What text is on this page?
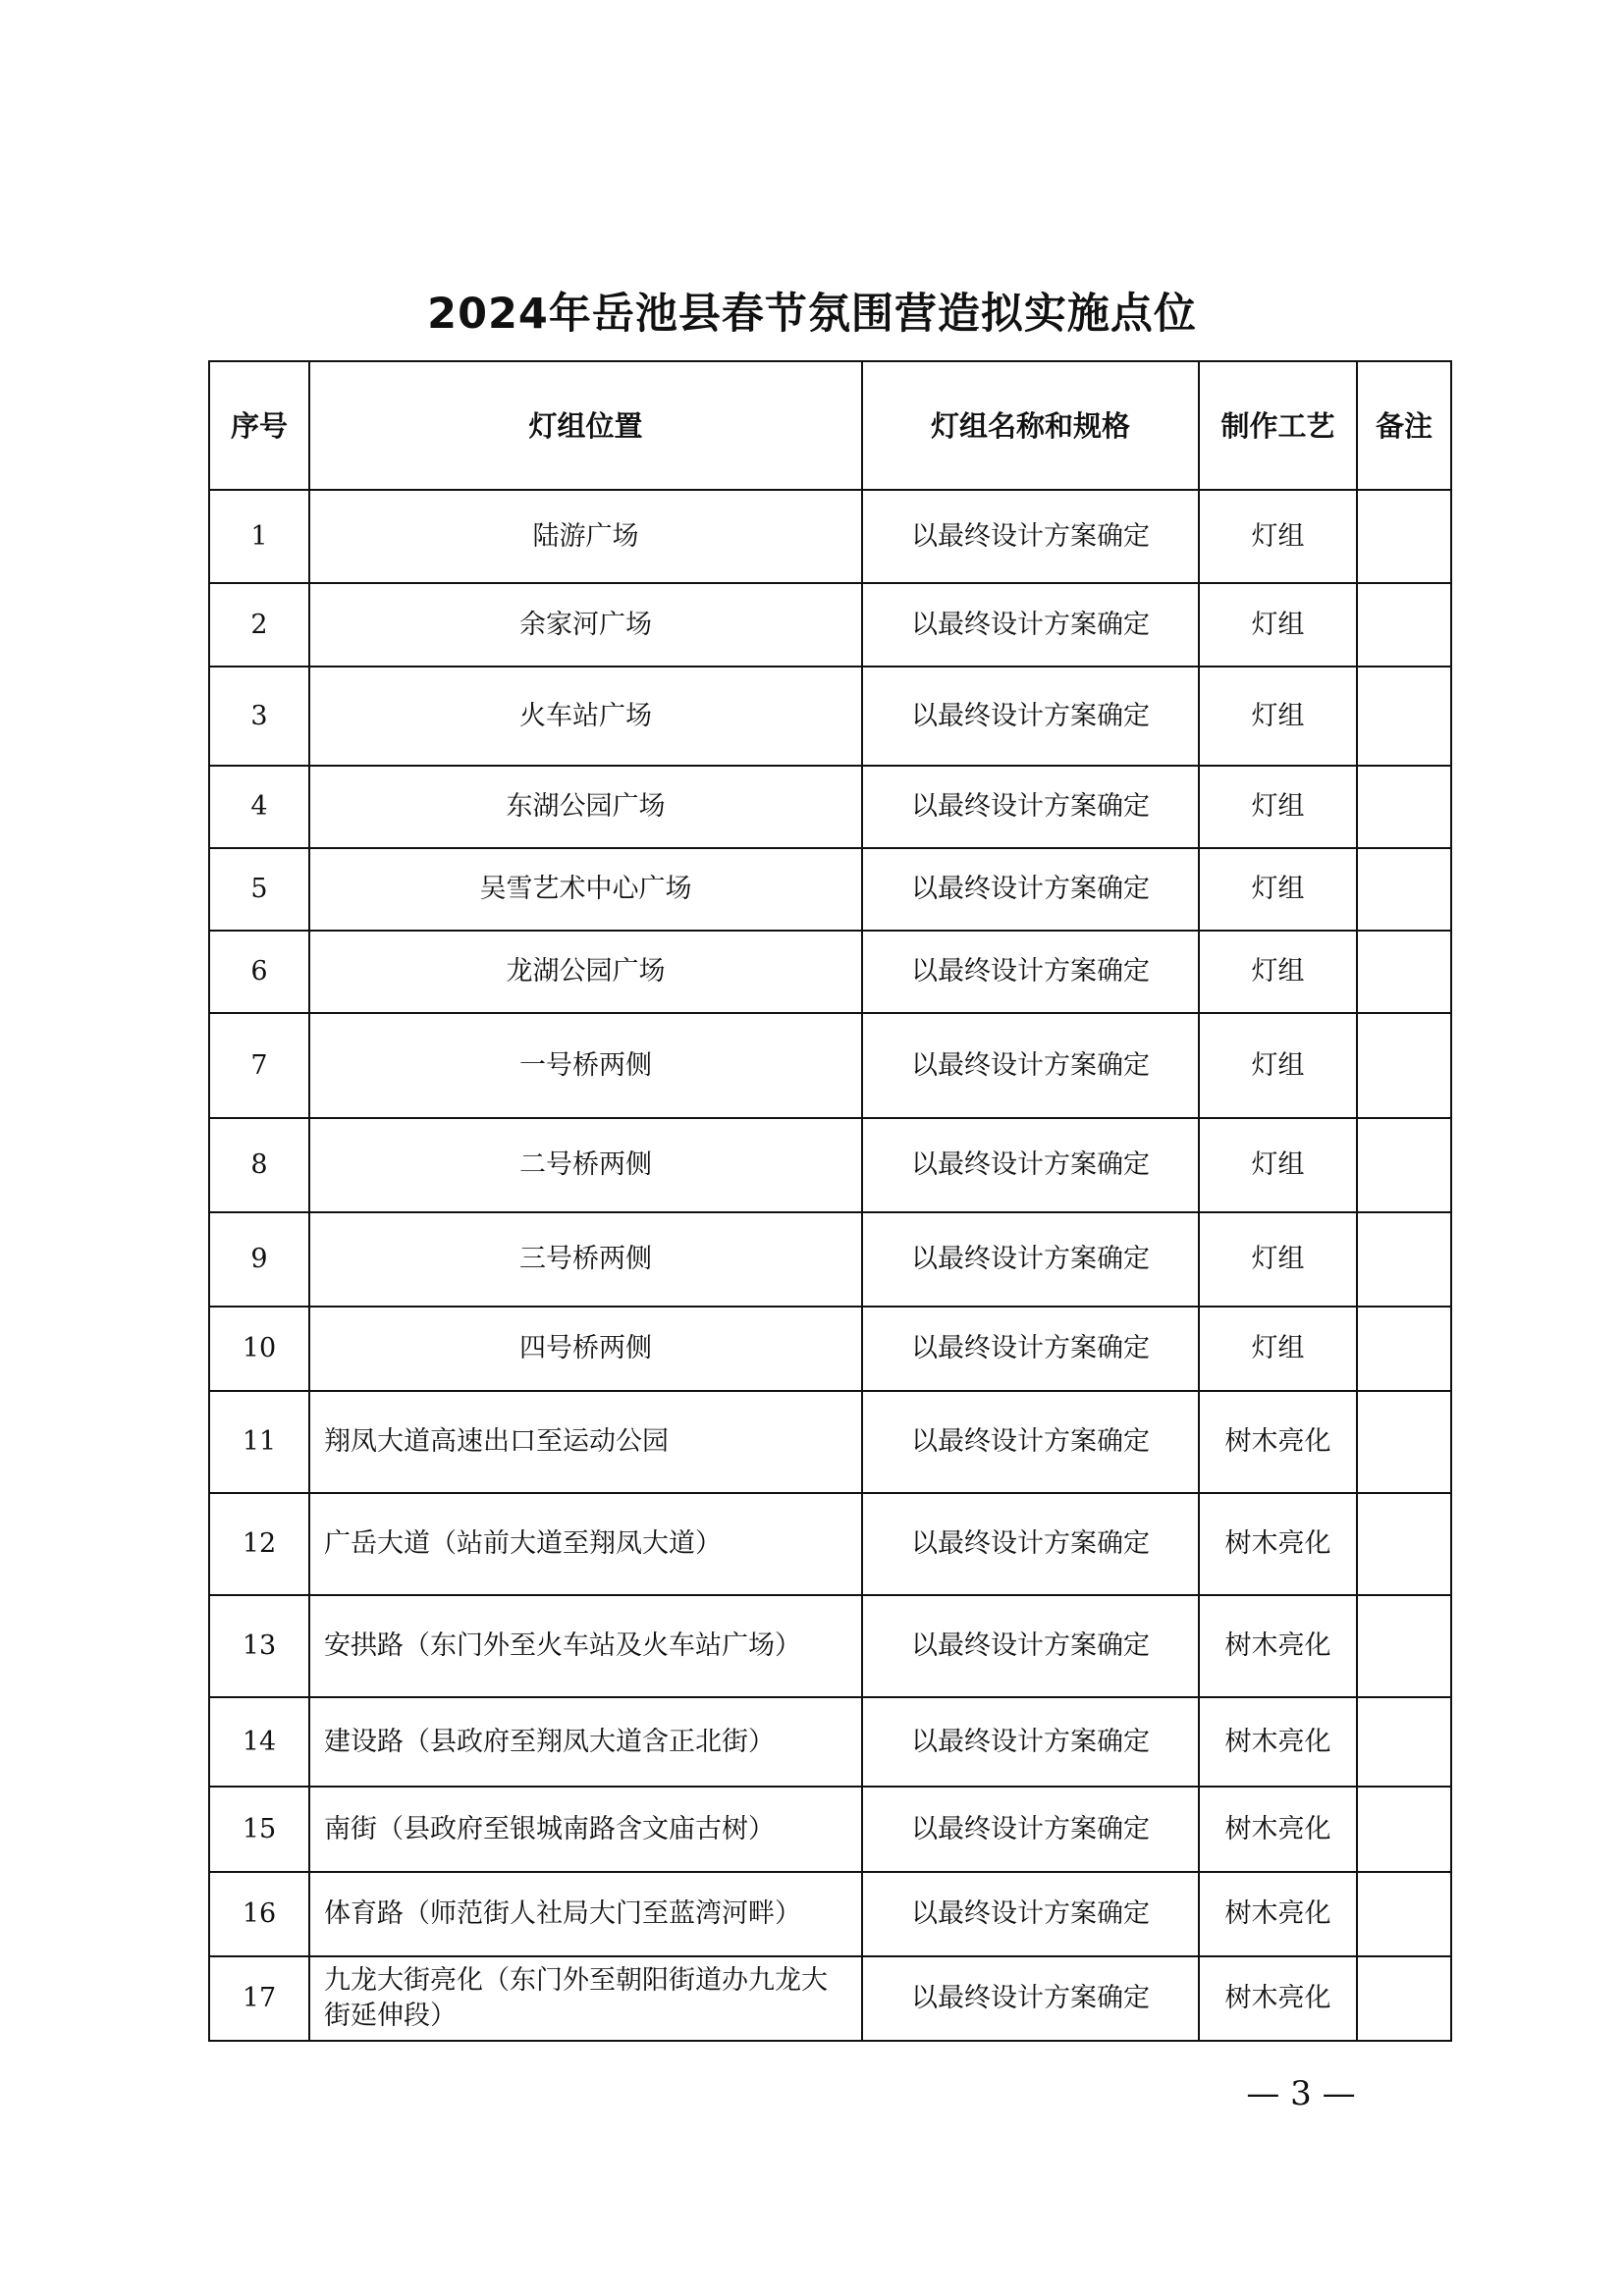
2024年岳池县春节氛围营造拟实施点位
序号	灯组位置	灯组名称和规格	制作工艺	备注
1	陆游广场	以最终设计方案确定	灯组	
2	余家河广场	以最终设计方案确定	灯组	
3	火车站广场	以最终设计方案确定	灯组	
4	东湖公园广场	以最终设计方案确定	灯组	
5	吴雪艺术中心广场	以最终设计方案确定	灯组	
6	龙湖公园广场	以最终设计方案确定	灯组	
7	一号桥两侧	以最终设计方案确定	灯组	
8	二号桥两侧	以最终设计方案确定	灯组	
9	三号桥两侧	以最终设计方案确定	灯组	
10	四号桥两侧	以最终设计方案确定	灯组	
11	翔凤大道高速出口至运动公园	以最终设计方案确定	树木亮化	
12	广岳大道（站前大道至翔凤大道）	以最终设计方案确定	树木亮化	
13	安拱路（东门外至火车站及火车站广场）	以最终设计方案确定	树木亮化	
14	建设路（县政府至翔凤大道含正北街）	以最终设计方案确定	树木亮化	
15	南街（县政府至银城南路含文庙古树）	以最终设计方案确定	树木亮化	
16	体育路（师范街人社局大门至蓝湾河畔）	以最终设计方案确定	树木亮化	
17	九龙大街亮化（东门外至朝阳街道办九龙大街延伸段）	以最终设计方案确定	树木亮化	
— 3 —
